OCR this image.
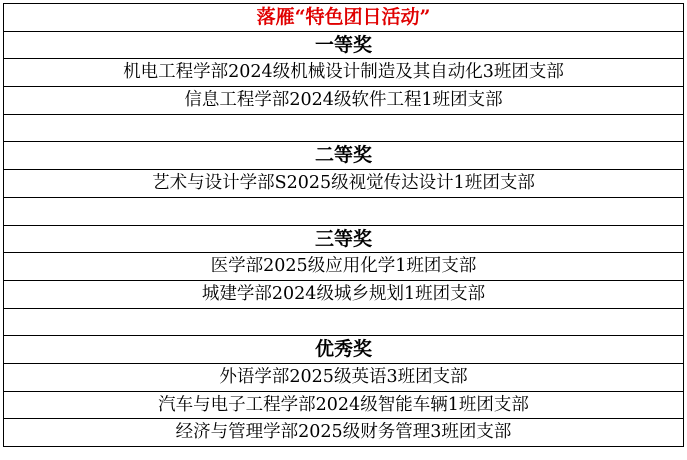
落雁“特色团日活动”
一等奖
机电工程学部2024级机械设计制造及其自动化3班团支部
信息工程学部2024级软件工程1班团支部
二等奖
艺术与设计学部S2025级视觉传达设计1班团支部
三等奖
医学部2025级应用化学1班团支部
城建学部2024级城乡规划1班团支部
优秀奖
外语学部2025级英语3班团支部
汽车与电子工程学部2024级智能车辆1班团支部
经济与管理学部2025级财务管理3班团支部
